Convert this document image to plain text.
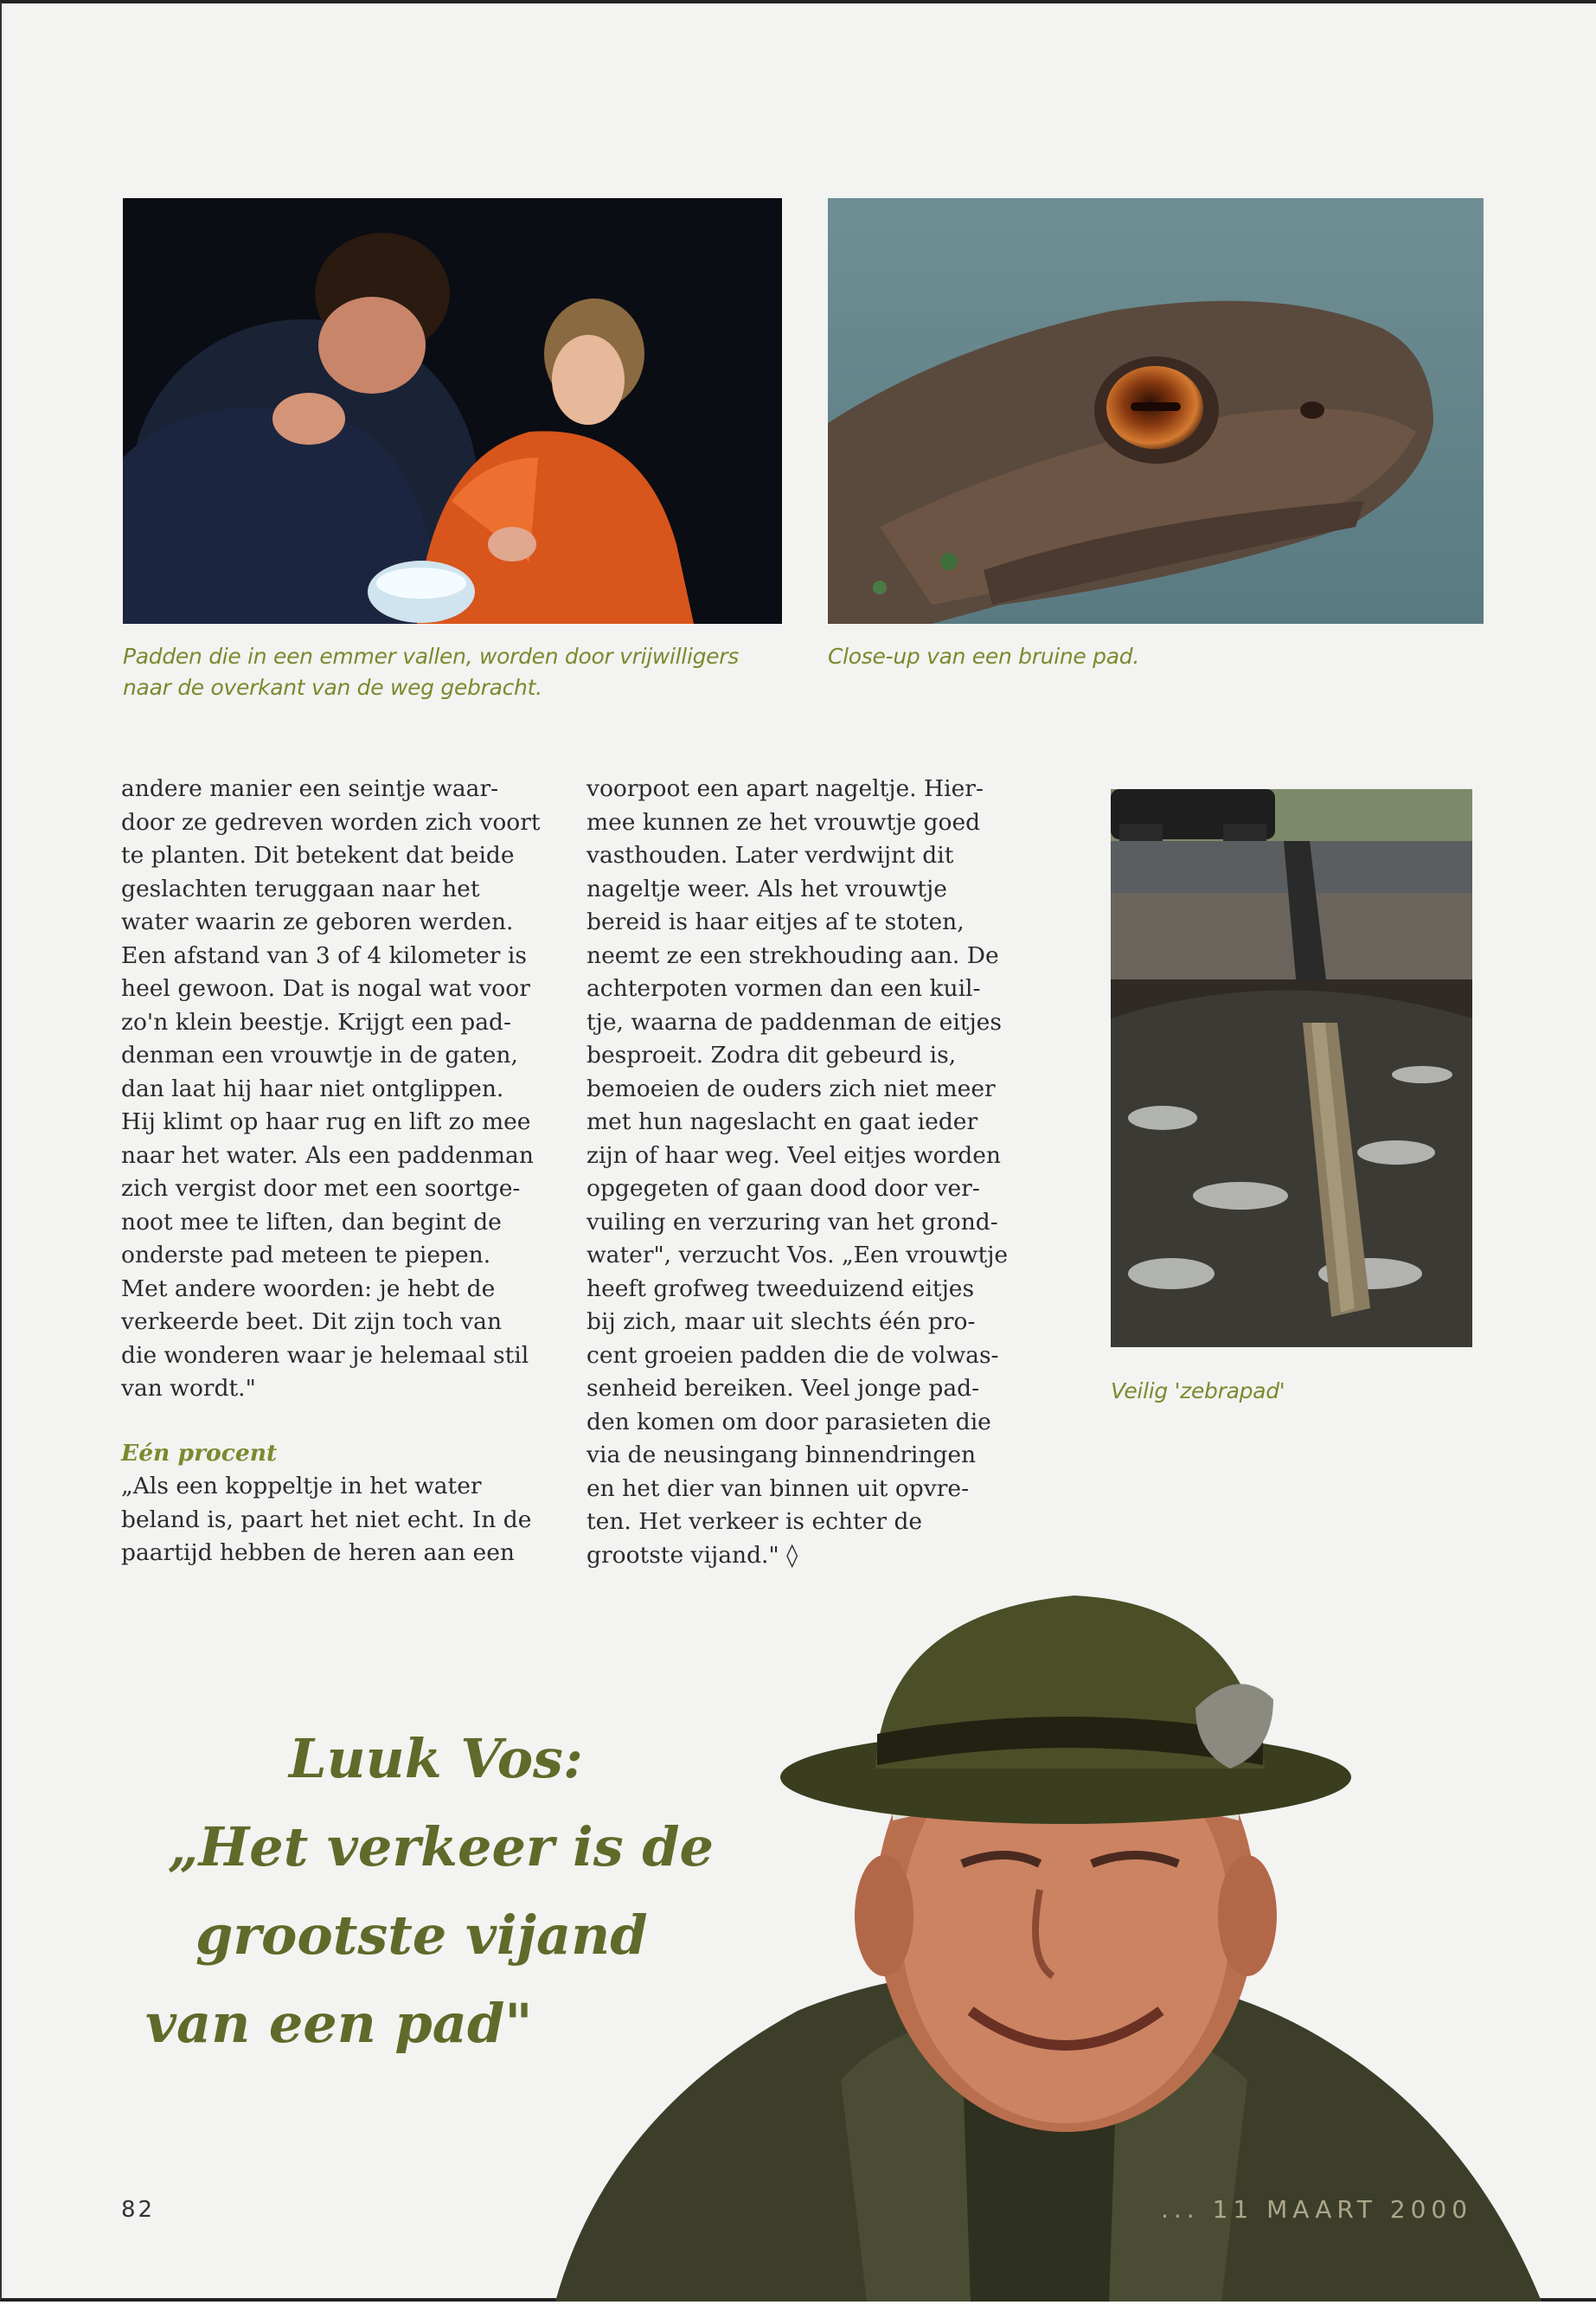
Padden die in een emmer vallen, worden door vrijwilligers
naar de overkant van de weg gebracht.
Close-up van een bruine pad.
andere manier een seintje waar-
door ze gedreven worden zich voort
te planten. Dit betekent dat beide
geslachten teruggaan naar het
water waarin ze geboren werden.
Een afstand van 3 of 4 kilometer is
heel gewoon. Dat is nogal wat voor
zo'n klein beestje. Krijgt een pad-
denman een vrouwtje in de gaten,
dan laat hij haar niet ontglippen.
Hij klimt op haar rug en lift zo mee
naar het water. Als een paddenman
zich vergist door met een soortge-
noot mee te liften, dan begint de
onderste pad meteen te piepen.
Met andere woorden: je hebt de
verkeerde beet. Dit zijn toch van
die wonderen waar je helemaal stil
van wordt."
Eén procent
„Als een koppeltje in het water
beland is, paart het niet echt. In de
paartijd hebben de heren aan een
voorpoot een apart nageltje. Hier-
mee kunnen ze het vrouwtje goed
vasthouden. Later verdwijnt dit
nageltje weer. Als het vrouwtje
bereid is haar eitjes af te stoten,
neemt ze een strekhouding aan. De
achterpoten vormen dan een kuil-
tje, waarna de paddenman de eitjes
besproeit. Zodra dit gebeurd is,
bemoeien de ouders zich niet meer
met hun nageslacht en gaat ieder
zijn of haar weg. Veel eitjes worden
opgegeten of gaan dood door ver-
vuiling en verzuring van het grond-
water", verzucht Vos. „Een vrouwtje
heeft grofweg tweeduizend eitjes
bij zich, maar uit slechts één pro-
cent groeien padden die de volwas-
senheid bereiken. Veel jonge pad-
den komen om door parasieten die
via de neusingang binnendringen
en het dier van binnen uit opvre-
ten. Het verkeer is echter de
grootste vijand." ◊
Veilig 'zebrapad'
Luuk Vos:
„Het verkeer is de
grootste vijand
van een pad"
82	... 11 MAART 2000
